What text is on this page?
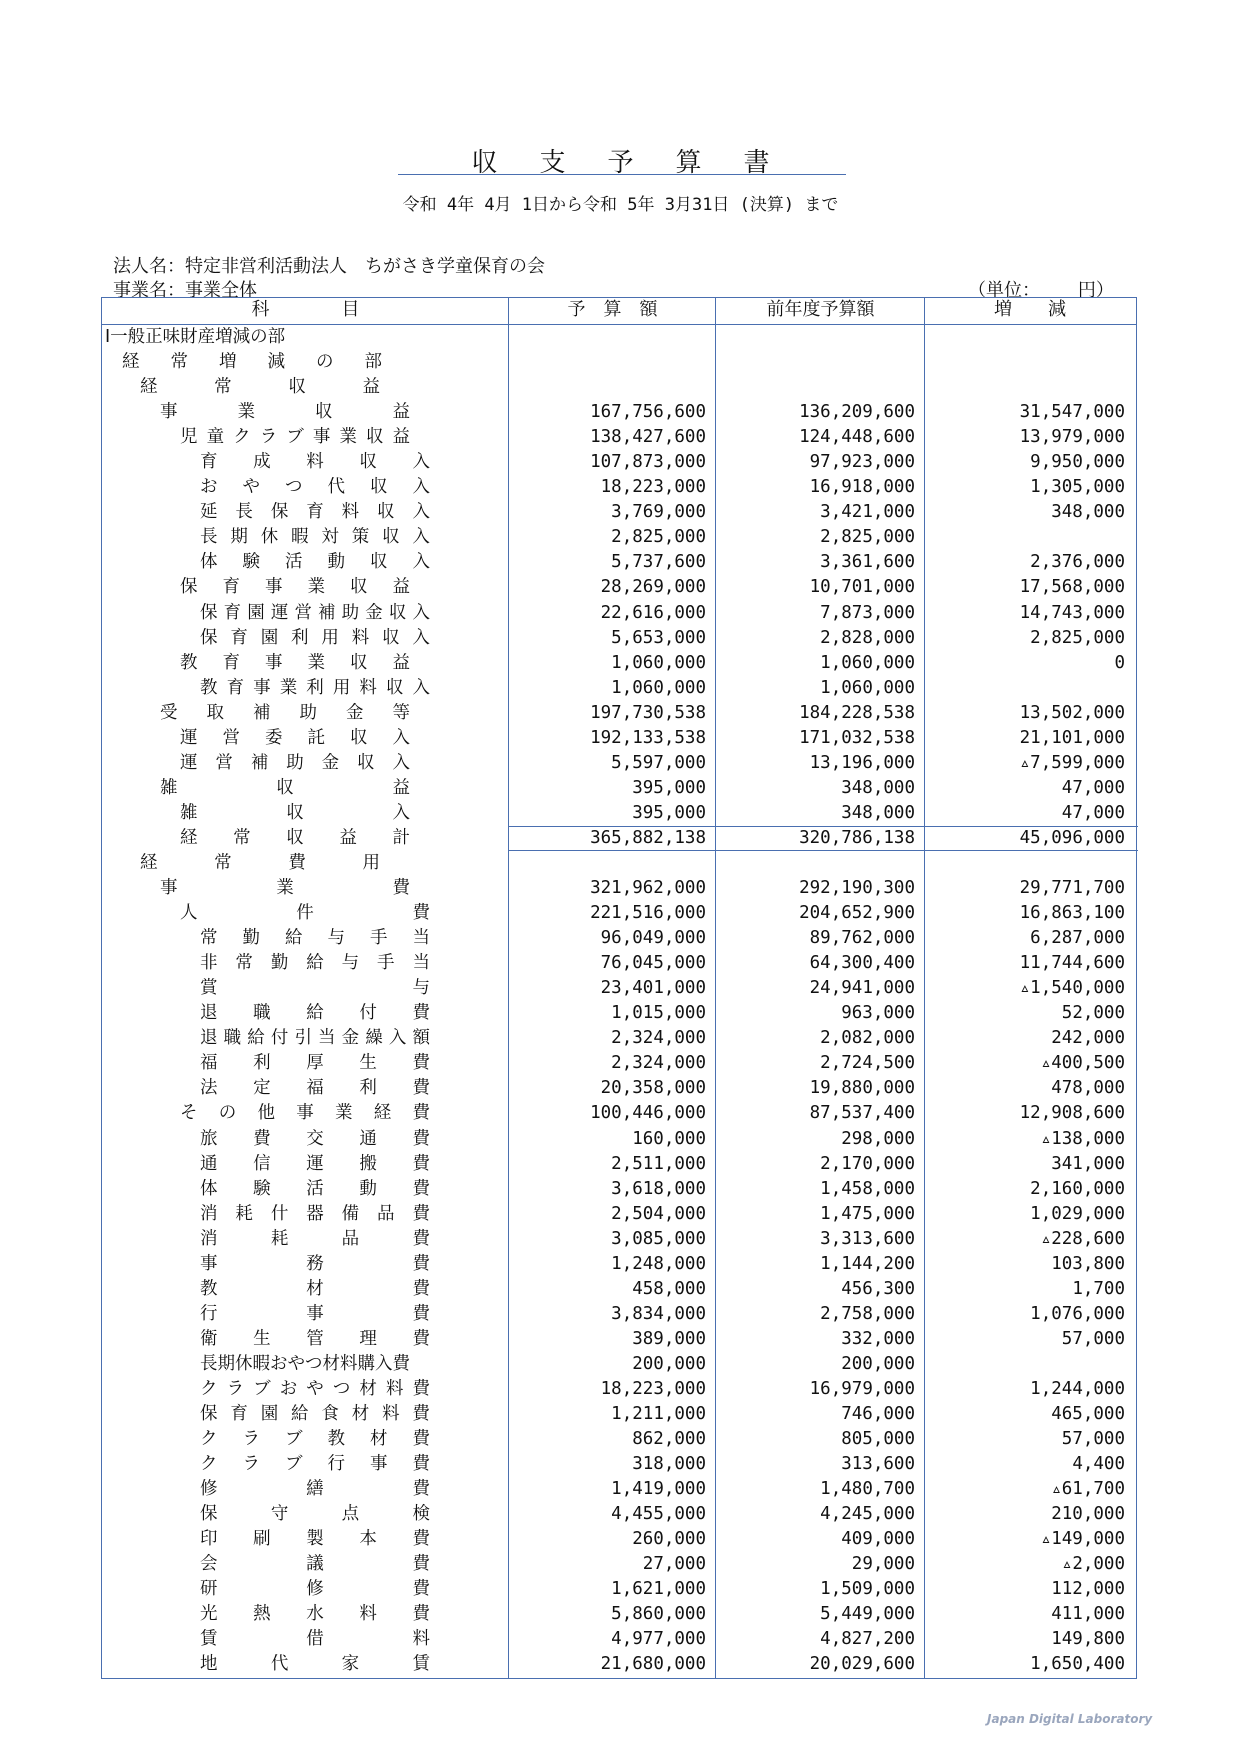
収支予算書
令和 4年 4月 1日から令和 5年 3月31日 (決算) まで
法人名：特定非営利活動法人　ちがさき学童保育の会
事業名：事業全体	（単位：　　 円）
科　　　　目	予　算　額	前年度予算額	増　　減
Ⅰ一般正味財産増減の部
経 常 増 減 の 部
経	常	収	益
事	業	収	益	167,756,600	136,209,600	31,547,000
児 童 ク ラ ブ 事 業 収 益	138,427,600	124,448,600	13,979,000
育 成 料 収 入	107,873,000	97,923,000	9,950,000
お や つ 代 収 入	18,223,000	16,918,000	1,305,000
延 長 保 育 料 収 入	3,769,000	3,421,000	348,000
長 期 休 暇 対 策 収 入	2,825,000	2,825,000
体 験 活 動 収 入	5,737,600	3,361,600	2,376,000
保 育 事 業 収 益	28,269,000	10,701,000	17,568,000
保 育 園 運 営 補 助 金 収 入	22,616,000	7,873,000	14,743,000
保 育 園 利 用 料 収 入	5,653,000	2,828,000	2,825,000
教 育 事 業 収 益	1,060,000	1,060,000	0
教 育 事 業 利 用 料 収 入	1,060,000	1,060,000
受 取 補 助 金 等	197,730,538	184,228,538	13,502,000
運 営 委 託 収 入	192,133,538	171,032,538	21,101,000
運 営 補 助 金 収 入	5,597,000	13,196,000	▵7,599,000
雑	収	益	395,000	348,000	47,000
雑	収	入	395,000	348,000	47,000
経 常 収 益 計	365,882,138	320,786,138	45,096,000
経	常	費	用
事	業	費	321,962,000	292,190,300	29,771,700
人	件	費	221,516,000	204,652,900	16,863,100
常 勤 給 与 手 当	96,049,000	89,762,000	6,287,000
非 常 勤 給 与 手 当	76,045,000	64,300,400	11,744,600
賞	与	23,401,000	24,941,000	▵1,540,000
退 職 給 付 費	1,015,000	963,000	52,000
退 職 給 付 引 当 金 繰 入 額	2,324,000	2,082,000	242,000
福 利 厚 生 費	2,324,000	2,724,500	▵400,500
法 定 福 利 費	20,358,000	19,880,000	478,000
そ の 他 事 業 経 費	100,446,000	87,537,400	12,908,600
旅 費 交 通 費	160,000	298,000	▵138,000
通 信 運 搬 費	2,511,000	2,170,000	341,000
体 験 活 動 費	3,618,000	1,458,000	2,160,000
消 耗 什 器 備 品 費	2,504,000	1,475,000	1,029,000
消	耗	品	費	3,085,000	3,313,600	▵228,600
事	務	費	1,248,000	1,144,200	103,800
教	材	費	458,000	456,300	1,700
行	事	費	3,834,000	2,758,000	1,076,000
衛 生 管 理 費	389,000	332,000	57,000
長期休暇おやつ材料購入費	200,000	200,000
ク ラ ブ お や つ 材 料 費	18,223,000	16,979,000	1,244,000
保 育 園 給 食 材 料 費	1,211,000	746,000	465,000
ク ラ ブ 教 材 費	862,000	805,000	57,000
ク ラ ブ 行 事 費	318,000	313,600	4,400
修	繕	費	1,419,000	1,480,700	▵61,700
保	守	点	検	4,455,000	4,245,000	210,000
印 刷 製 本 費	260,000	409,000	▵149,000
会	議	費	27,000	29,000	▵2,000
研	修	費	1,621,000	1,509,000	112,000
光 熱 水 料 費	5,860,000	5,449,000	411,000
賃	借	料	4,977,000	4,827,200	149,800
地	代	家	賃	21,680,000	20,029,600	1,650,400
Japan Digital Laboratory
